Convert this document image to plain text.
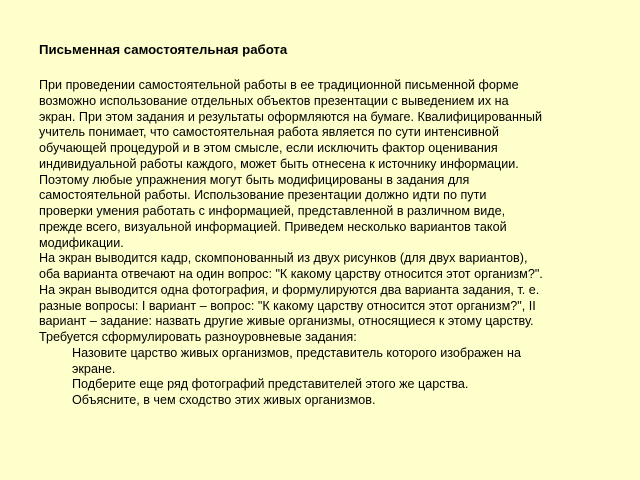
Письменная самостоятельная работа
При проведении самостоятельной работы в ее традиционной письменной форме
возможно использование отдельных объектов презентации с выведением их на
экран. При этом задания и результаты оформляются на бумаге. Квалифицированный
учитель понимает, что самостоятельная работа является по сути интенсивной
обучающей процедурой и в этом смысле, если исключить фактор оценивания
индивидуальной работы каждого, может быть отнесена к источнику информации.
Поэтому любые упражнения могут быть модифицированы в задания для
самостоятельной работы. Использование презентации должно идти по пути
проверки умения работать с информацией, представленной в различном виде,
прежде всего, визуальной информацией. Приведем несколько вариантов такой
модификации.
На экран выводится кадр, скомпонованный из двух рисунков (для двух вариантов),
оба варианта отвечают на один вопрос: "К какому царству относится этот организм?".
На экран выводится одна фотография, и формулируются два варианта задания, т. е.
разные вопросы: I вариант – вопрос: "К какому царству относится этот организм?", II
вариант – задание: назвать другие живые организмы, относящиеся к этому царству.
Требуется сформулировать разноуровневые задания:
Назовите царство живых организмов, представитель которого изображен на
экране.
Подберите еще ряд фотографий представителей этого же царства.
Объясните, в чем сходство этих живых организмов.
